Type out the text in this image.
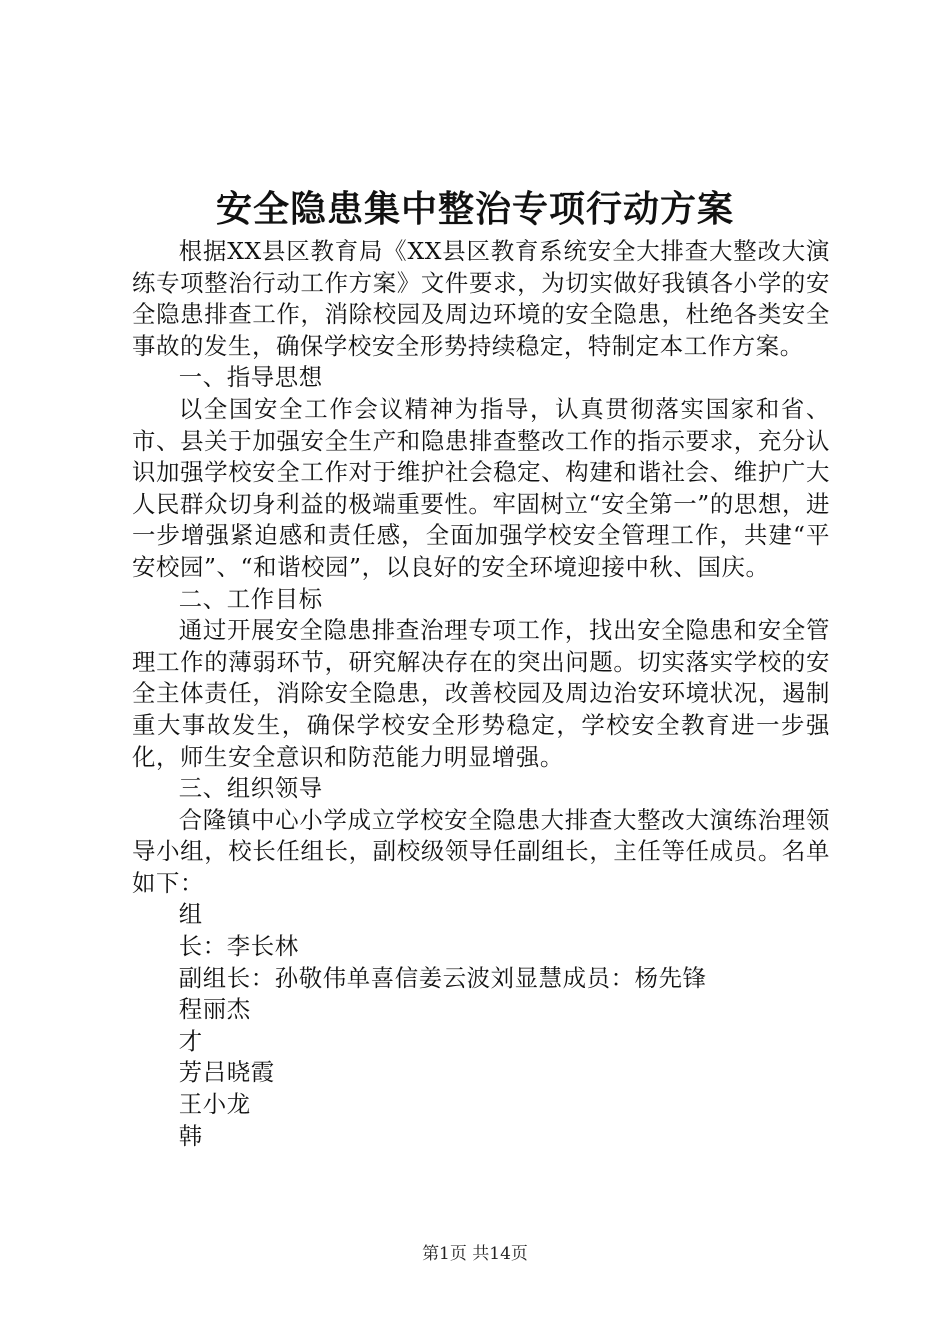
安全隐患集中整治专项行动方案

根据XX县区教育局《XX县区教育系统安全大排查大整改大演练专项整治行动工作方案》文件要求，为切实做好我镇各小学的安全隐患排查工作，消除校园及周边环境的安全隐患，杜绝各类安全事故的发生，确保学校安全形势持续稳定，特制定本工作方案。

一、指导思想

以全国安全工作会议精神为指导，认真贯彻落实国家和省、市、县关于加强安全生产和隐患排查整改工作的指示要求，充分认识加强学校安全工作对于维护社会稳定、构建和谐社会、维护广大人民群众切身利益的极端重要性。牢固树立“安全第一”的思想，进一步增强紧迫感和责任感，全面加强学校安全管理工作，共建“平安校园”、“和谐校园”，以良好的安全环境迎接中秋、国庆。

二、工作目标

通过开展安全隐患排查治理专项工作，找出安全隐患和安全管理工作的薄弱环节，研究解决存在的突出问题。切实落实学校的安全主体责任，消除安全隐患，改善校园及周边治安环境状况，遏制重大事故发生，确保学校安全形势稳定，学校安全教育进一步强化，师生安全意识和防范能力明显增强。

三、组织领导

合隆镇中心小学成立学校安全隐患大排查大整改大演练治理领导小组，校长任组长，副校级领导任副组长，主任等任成员。名单如下：

组
长：李长林
副组长：孙敬伟单喜信姜云波刘显慧成员：杨先锋
程丽杰
才
芳吕晓霞
王小龙
韩
第1页 共14页
